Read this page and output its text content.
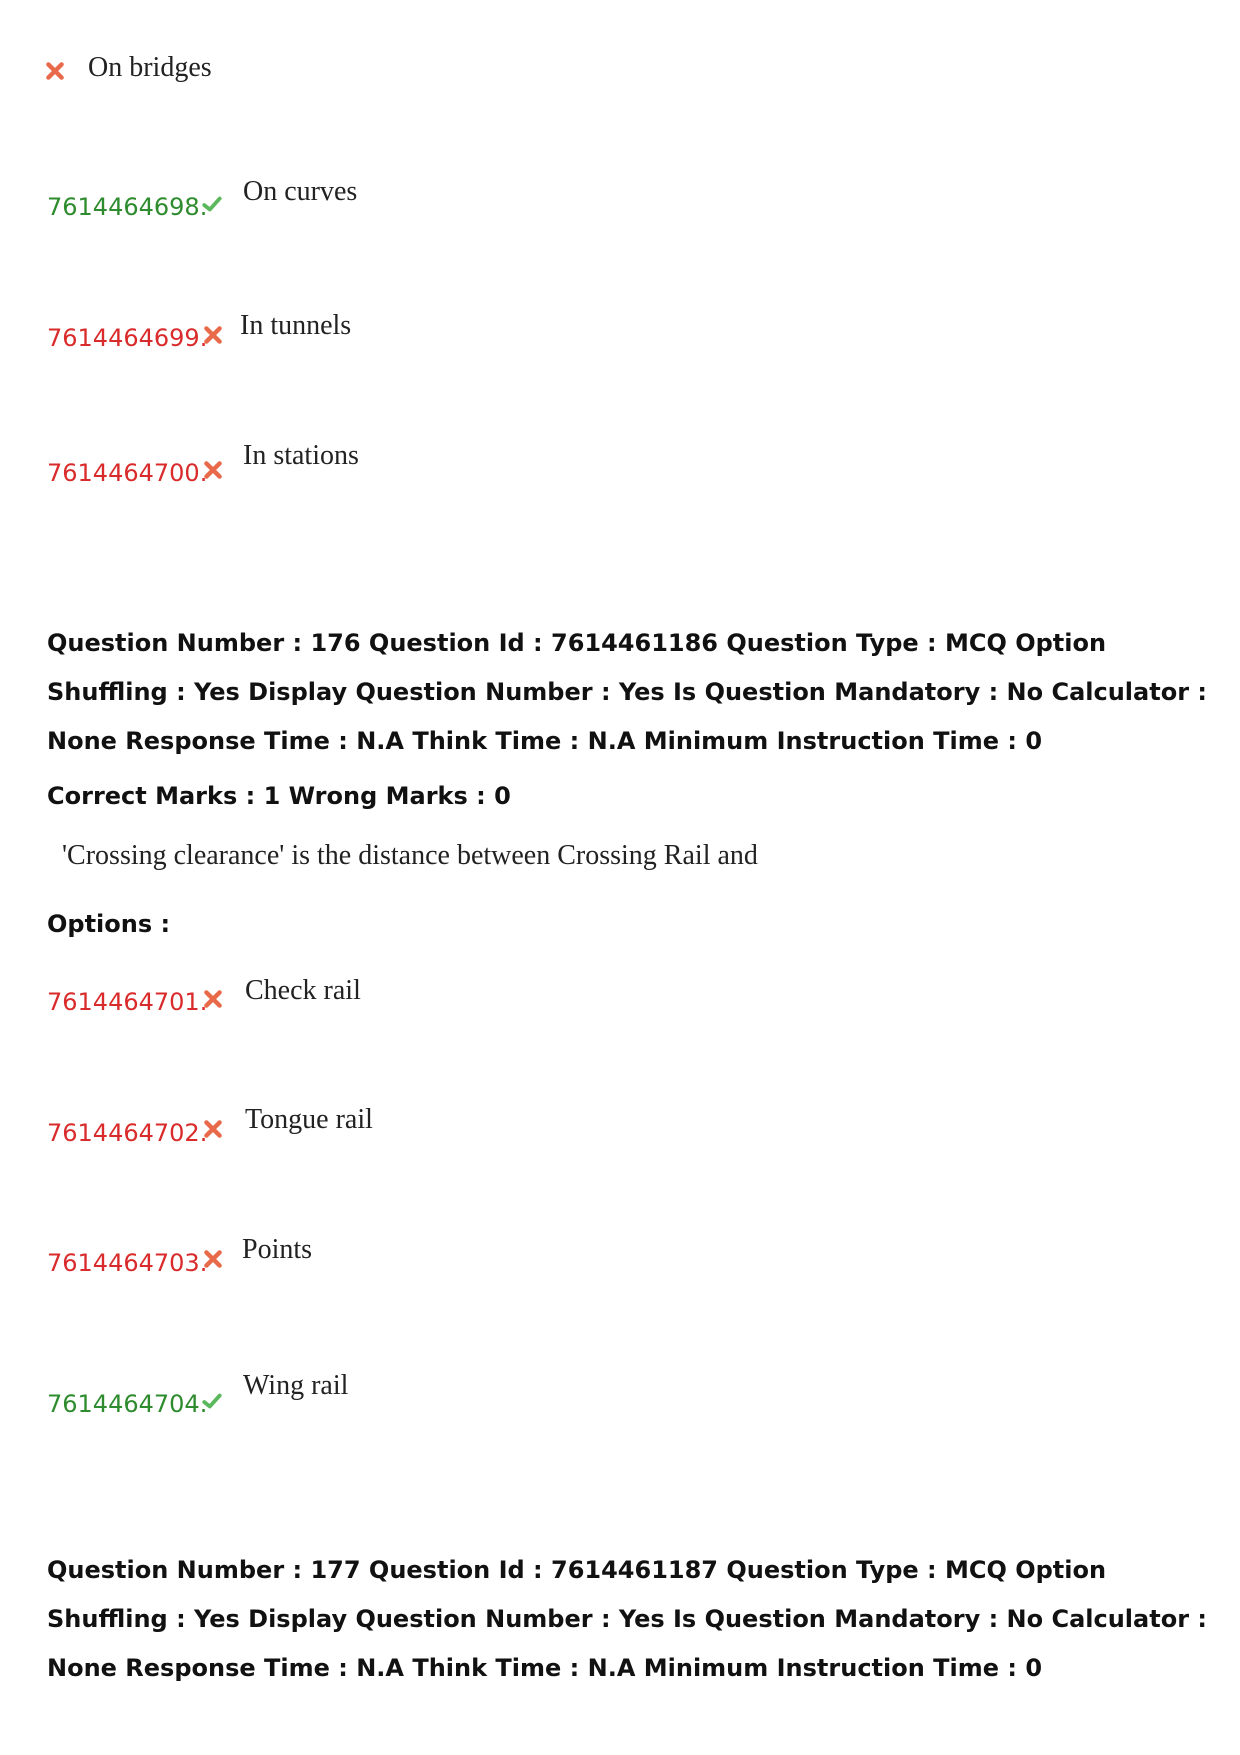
On bridges
7614464698. On curves
7614464699. In tunnels
7614464700.
In stations
Question Number : 176 Question Id : 7614461186 Question Type : MCQ Option Shuffling : Yes Display Question Number : Yes Is Question Mandatory : No Calculator : None Response Time : N.A Think Time : N.A Minimum Instruction Time : 0
Correct Marks : 1 Wrong Marks : 0
'Crossing clearance' is the distance between Crossing Rail and
Options :
7614464701. Check rail
7614464702. Tongue rail
7614464703. Points
7614464704.
Wing rail
Question Number : 177 Question Id : 7614461187 Question Type : MCQ Option Shuffling : Yes Display Question Number : Yes Is Question Mandatory : No Calculator : None Response Time : N.A Think Time : N.A Minimum Instruction Time : 0
